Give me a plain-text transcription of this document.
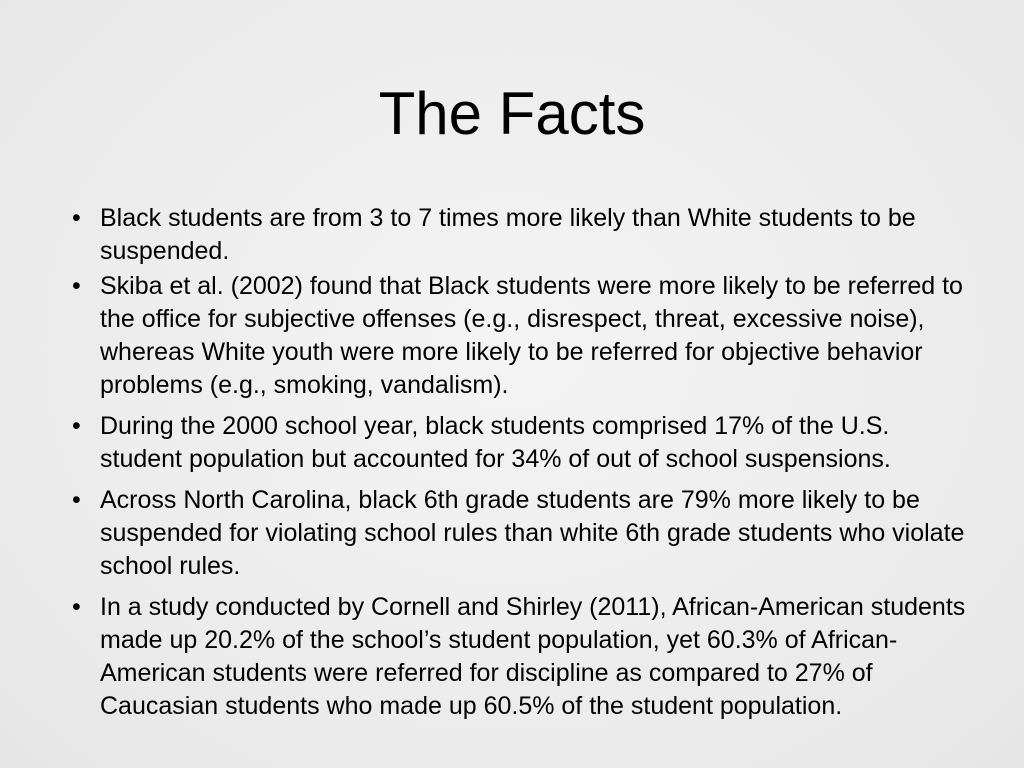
The Facts
• Black students are from 3 to 7 times more likely than White students to be suspended.
• Skiba et al. (2002) found that Black students were more likely to be referred to the office for subjective offenses (e.g., disrespect, threat, excessive noise), whereas White youth were more likely to be referred for objective behavior problems (e.g., smoking, vandalism).
• During the 2000 school year, black students comprised 17% of the U.S. student population but accounted for 34% of out of school suspensions.
• Across North Carolina, black 6th grade students are 79% more likely to be suspended for violating school rules than white 6th grade students who violate school rules.
• In a study conducted by Cornell and Shirley (2011), African-American students made up 20.2% of the school’s student population, yet 60.3% of African-American students were referred for discipline as compared to 27% of Caucasian students who made up 60.5% of the student population.
